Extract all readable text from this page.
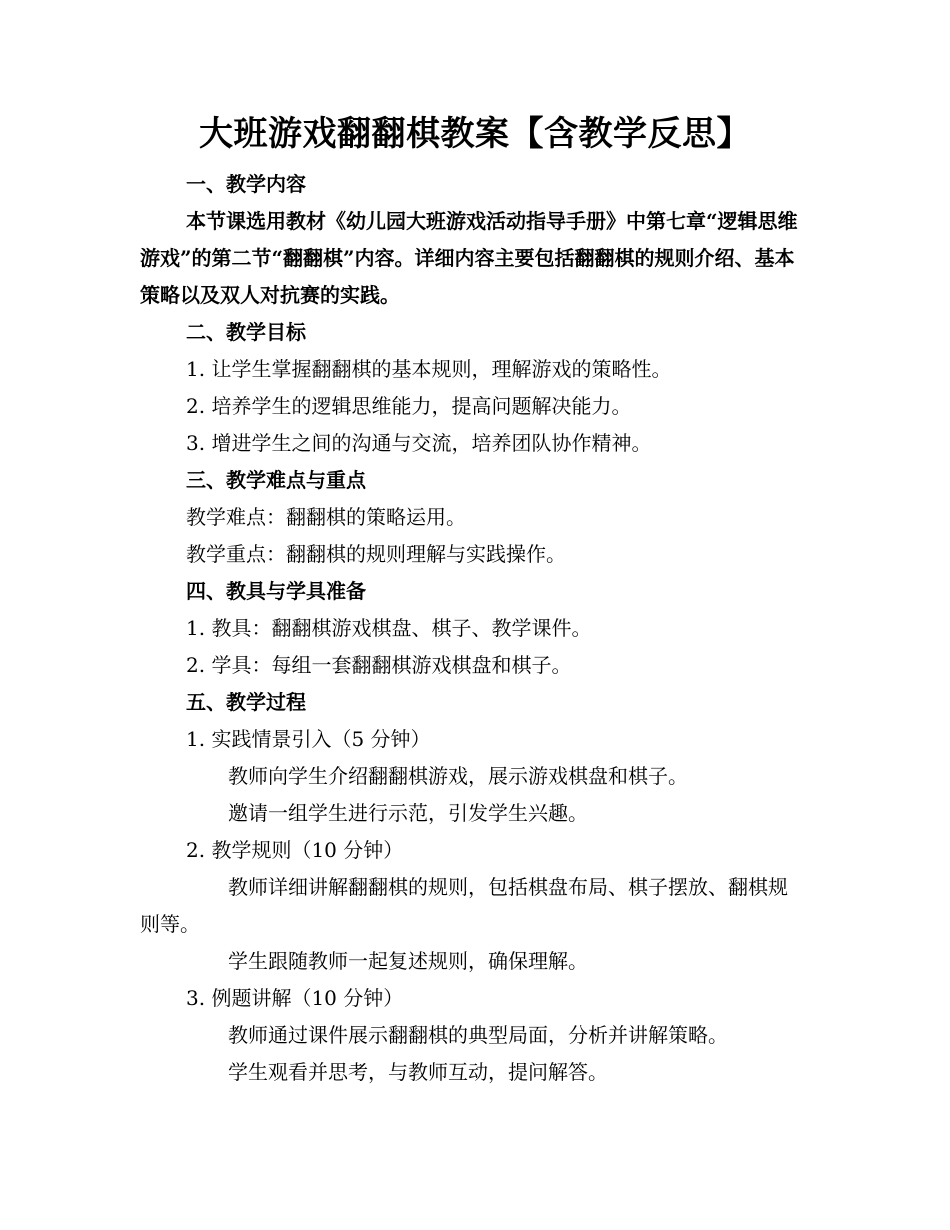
大班游戏翻翻棋教案【含教学反思】
一、教学内容
本节课选用教材《幼儿园大班游戏活动指导手册》中第七章“逻辑思维游戏”的第二节“翻翻棋”内容。详细内容主要包括翻翻棋的规则介绍、基本策略以及双人对抗赛的实践。
二、教学目标
1. 让学生掌握翻翻棋的基本规则，理解游戏的策略性。
2. 培养学生的逻辑思维能力，提高问题解决能力。
3. 增进学生之间的沟通与交流，培养团队协作精神。
三、教学难点与重点
教学难点：翻翻棋的策略运用。
教学重点：翻翻棋的规则理解与实践操作。
四、教具与学具准备
1. 教具：翻翻棋游戏棋盘、棋子、教学课件。
2. 学具：每组一套翻翻棋游戏棋盘和棋子。
五、教学过程
1. 实践情景引入（5 分钟）
教师向学生介绍翻翻棋游戏，展示游戏棋盘和棋子。
邀请一组学生进行示范，引发学生兴趣。
2. 教学规则（10 分钟）
教师详细讲解翻翻棋的规则，包括棋盘布局、棋子摆放、翻棋规则等。
学生跟随教师一起复述规则，确保理解。
3. 例题讲解（10 分钟）
教师通过课件展示翻翻棋的典型局面，分析并讲解策略。
学生观看并思考，与教师互动，提问解答。
